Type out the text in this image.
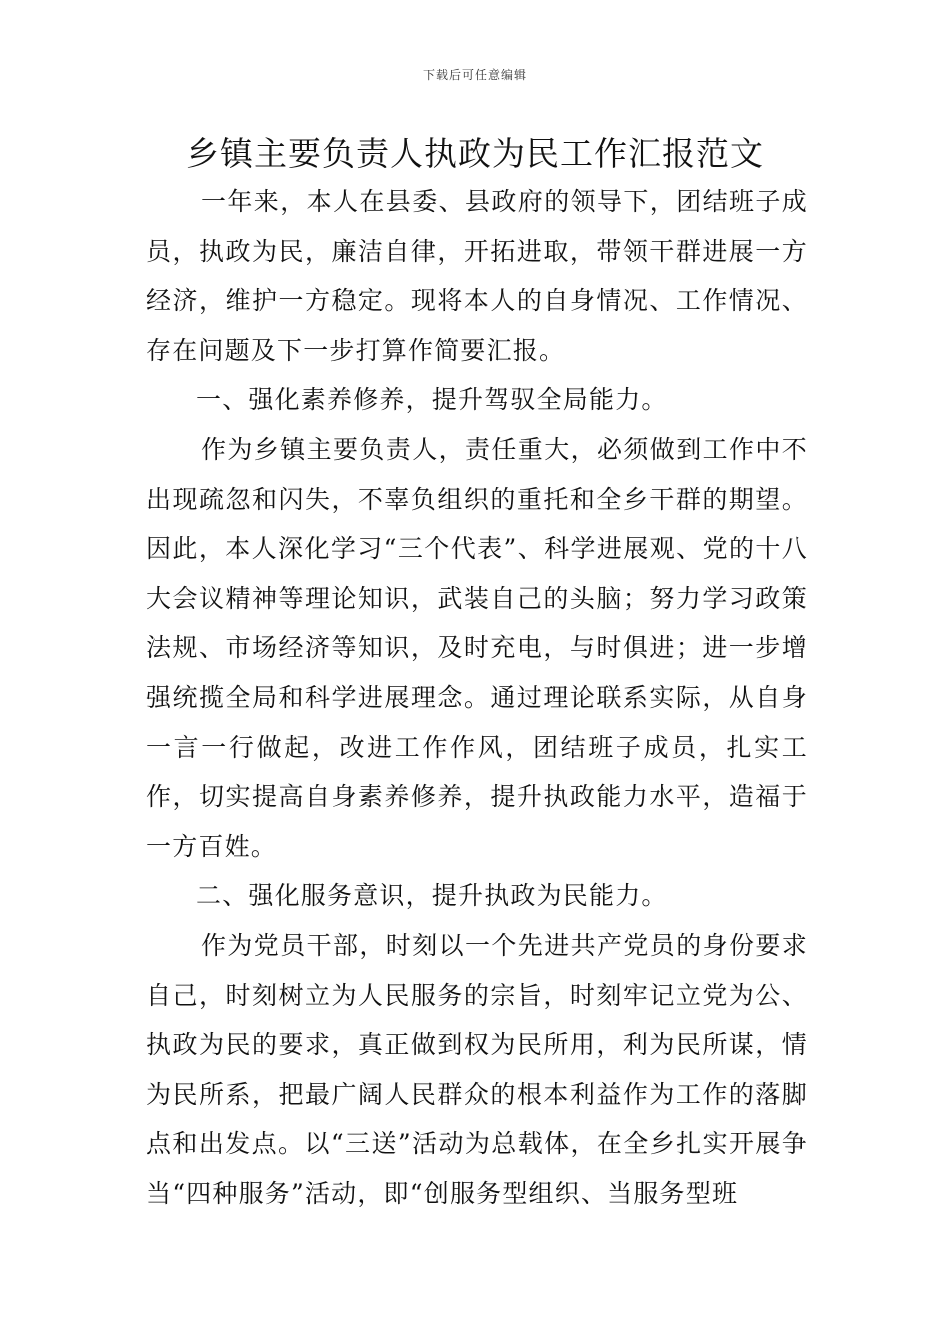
下载后可任意编辑
乡镇主要负责人执政为民工作汇报范文

一年来，本人在县委、县政府的领导下，团结班子成员，执政为民，廉洁自律，开拓进取，带领干群进展一方经济，维护一方稳定。现将本人的自身情况、工作情况、存在问题及下一步打算作简要汇报。

一、强化素养修养，提升驾驭全局能力。

作为乡镇主要负责人，责任重大，必须做到工作中不出现疏忽和闪失，不辜负组织的重托和全乡干群的期望。因此，本人深化学习“三个代表”、科学进展观、党的十八大会议精神等理论知识，武装自己的头脑；努力学习政策法规、市场经济等知识，及时充电，与时俱进；进一步增强统揽全局和科学进展理念。通过理论联系实际，从自身一言一行做起，改进工作作风，团结班子成员，扎实工作，切实提高自身素养修养，提升执政能力水平，造福于一方百姓。

二、强化服务意识，提升执政为民能力。

作为党员干部，时刻以一个先进共产党员的身份要求自己，时刻树立为人民服务的宗旨，时刻牢记立党为公、执政为民的要求，真正做到权为民所用，利为民所谋，情为民所系，把最广阔人民群众的根本利益作为工作的落脚点和出发点。以“三送”活动为总载体，在全乡扎实开展争当“四种服务”活动，即“创服务型组织、当服务型班
